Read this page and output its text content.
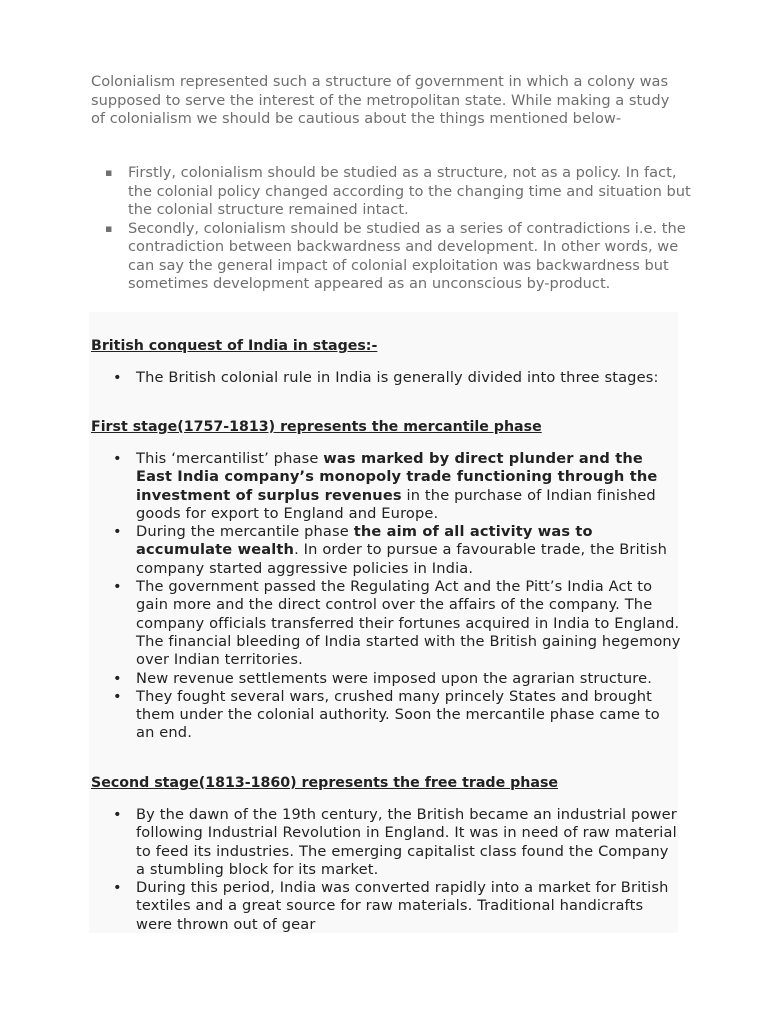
Colonialism represented such a structure of government in which a colony was supposed to serve the interest of the metropolitan state. While making a study of colonialism we should be cautious about the things mentioned below-

▪ Firstly, colonialism should be studied as a structure, not as a policy. In fact, the colonial policy changed according to the changing time and situation but the colonial structure remained intact.
▪ Secondly, colonialism should be studied as a series of contradictions i.e. the contradiction between backwardness and development. In other words, we can say the general impact of colonial exploitation was backwardness but sometimes development appeared as an unconscious by-product.
British conquest of India in stages:-
• The British colonial rule in India is generally divided into three stages:
First stage(1757-1813) represents the mercantile phase
• This ‘mercantilist’ phase was marked by direct plunder and the East India company’s monopoly trade functioning through the investment of surplus revenues in the purchase of Indian finished goods for export to England and Europe.
• During the mercantile phase the aim of all activity was to accumulate wealth. In order to pursue a favourable trade, the British company started aggressive policies in India.
• The government passed the Regulating Act and the Pitt’s India Act to gain more and the direct control over the affairs of the company. The company officials transferred their fortunes acquired in India to England. The financial bleeding of India started with the British gaining hegemony over Indian territories.
• New revenue settlements were imposed upon the agrarian structure.
• They fought several wars, crushed many princely States and brought them under the colonial authority. Soon the mercantile phase came to an end.
Second stage(1813-1860) represents the free trade phase
• By the dawn of the 19th century, the British became an industrial power following Industrial Revolution in England. It was in need of raw material to feed its industries. The emerging capitalist class found the Company a stumbling block for its market.
• During this period, India was converted rapidly into a market for British textiles and a great source for raw materials. Traditional handicrafts were thrown out of gear
